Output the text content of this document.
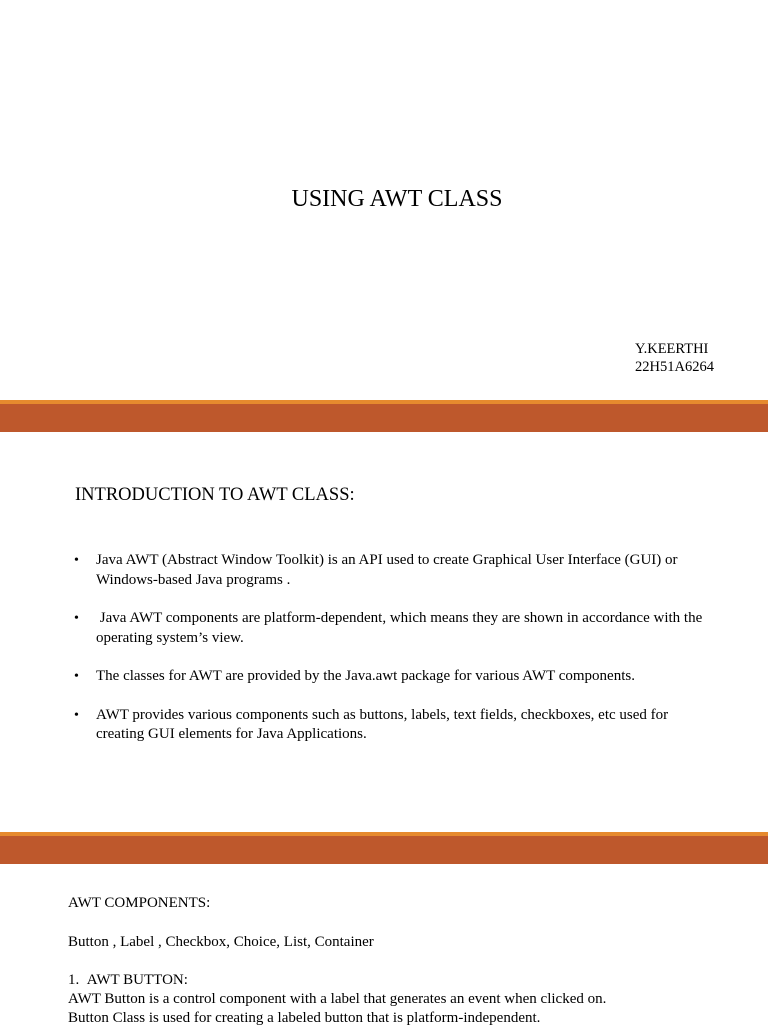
USING AWT CLASS
Y.KEERTHI
22H51A6264
INTRODUCTION TO AWT CLASS:
• Java AWT (Abstract Window Toolkit) is an API used to create Graphical User Interface (GUI) or Windows-based Java programs .
• Java AWT components are platform-dependent, which means they are shown in accordance with the operating system’s view.
• The classes for AWT are provided by the Java.awt package for various AWT components.
• AWT provides various components such as buttons, labels, text fields, checkboxes, etc used for creating GUI elements for Java Applications.
AWT COMPONENTS:
Button , Label , Checkbox, Choice, List, Container
1.  AWT BUTTON:
AWT Button is a control component with a label that generates an event when clicked on.
Button Class is used for creating a labeled button that is platform-independent.
